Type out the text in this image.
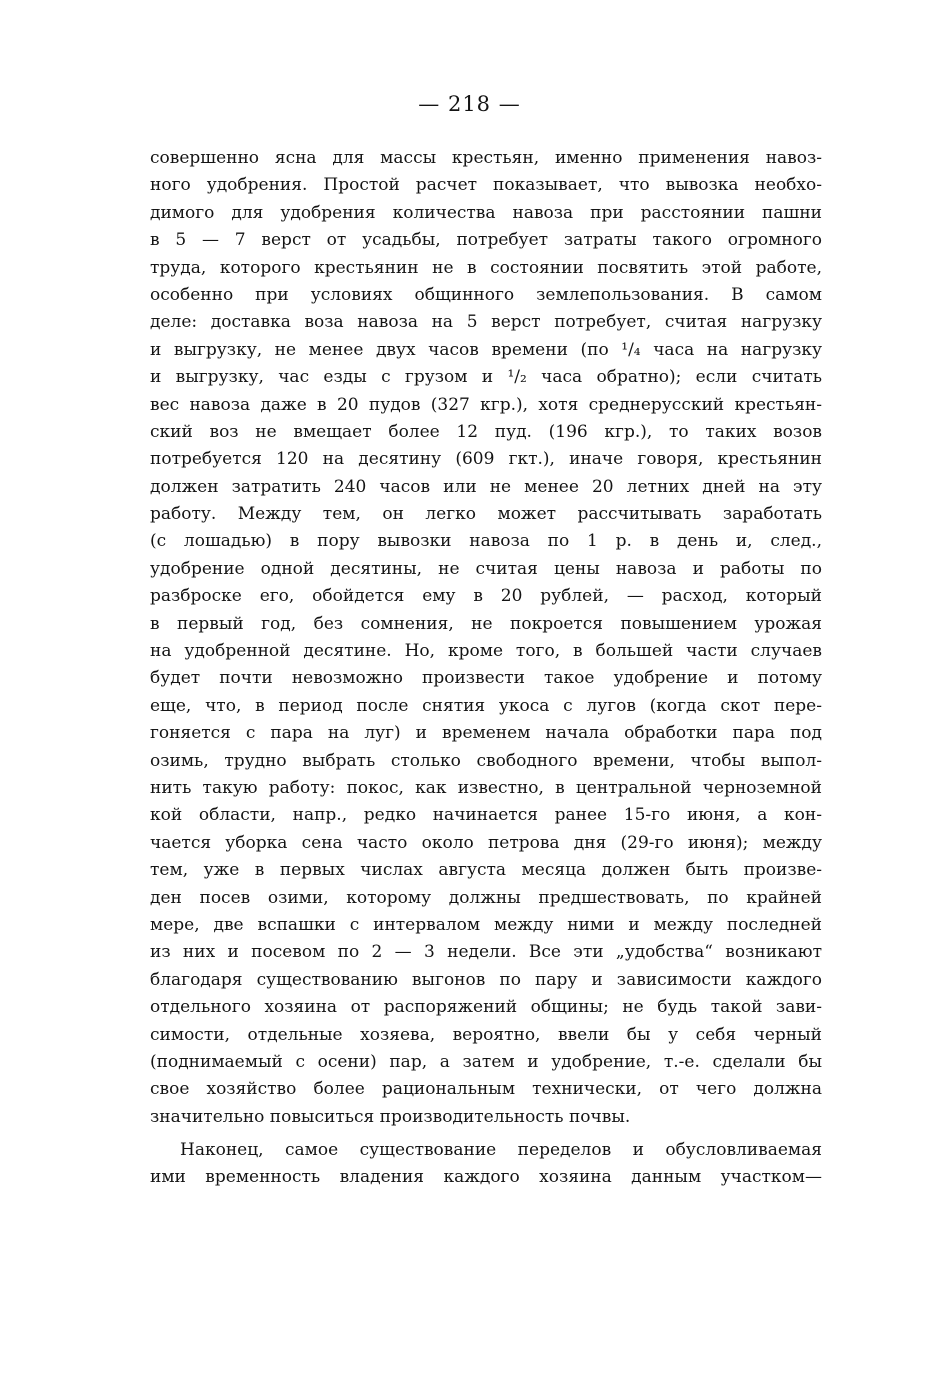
— 218 —
совершенно ясна для массы крестьян, именно применения навоз-
ного удобрения. Простой расчет показывает, что вывозка необхо-
димого для удобрения количества навоза при расстоянии пашни
в 5 — 7 верст от усадьбы, потребует затраты такого огромного
труда, которого крестьянин не в состоянии посвятить этой работе,
особенно при условиях общинного землепользования. В самом
деле: доставка воза навоза на 5 верст потребует, считая нагрузку
и выгрузку, не менее двух часов времени (по ¹/₄ часа на нагрузку
и выгрузку, час езды с грузом и ¹/₂ часа обратно); если считать
вес навоза даже в 20 пудов (327 кгр.), хотя среднерусский крестьян-
ский воз не вмещает более 12 пуд. (196 кгр.), то таких возов
потребуется 120 на десятину (609 гкт.), иначе говоря, крестьянин
должен затратить 240 часов или не менее 20 летних дней на эту
работу. Между тем, он легко может рассчитывать заработать
(с лошадью) в пору вывозки навоза по 1 р. в день и, след.,
удобрение одной десятины, не считая цены навоза и работы по
разброске его, обойдется ему в 20 рублей, — расход, который
в первый год, без сомнения, не покроется повышением урожая
на удобренной десятине. Но, кроме того, в большей части случаев
будет почти невозможно произвести такое удобрение и потому
еще, что, в период после снятия укоса с лугов (когда скот пере-
гоняется с пара на луг) и временем начала обработки пара под
озимь, трудно выбрать столько свободного времени, чтобы выпол-
нить такую работу: покос, как известно, в центральной черноземной
кой области, напр., редко начинается ранее 15-го июня, а кон-
чается уборка сена часто около петрова дня (29-го июня); между
тем, уже в первых числах августа месяца должен быть произве-
ден посев озими, которому должны предшествовать, по крайней
мере, две вспашки с интервалом между ними и между последней
из них и посевом по 2 — 3 недели. Все эти „удобства“ возникают
благодаря существованию выгонов по пару и зависимости каждого
отдельного хозяина от распоряжений общины; не будь такой зави-
симости, отдельные хозяева, вероятно, ввели бы у себя черный
(поднимаемый с осени) пар, а затем и удобрение, т.-е. сделали бы
свое хозяйство более рациональным технически, от чего должна
значительно повыситься производительность почвы.
Наконец, самое существование переделов и обусловливаемая
ими временность владения каждого хозяина данным участком—
